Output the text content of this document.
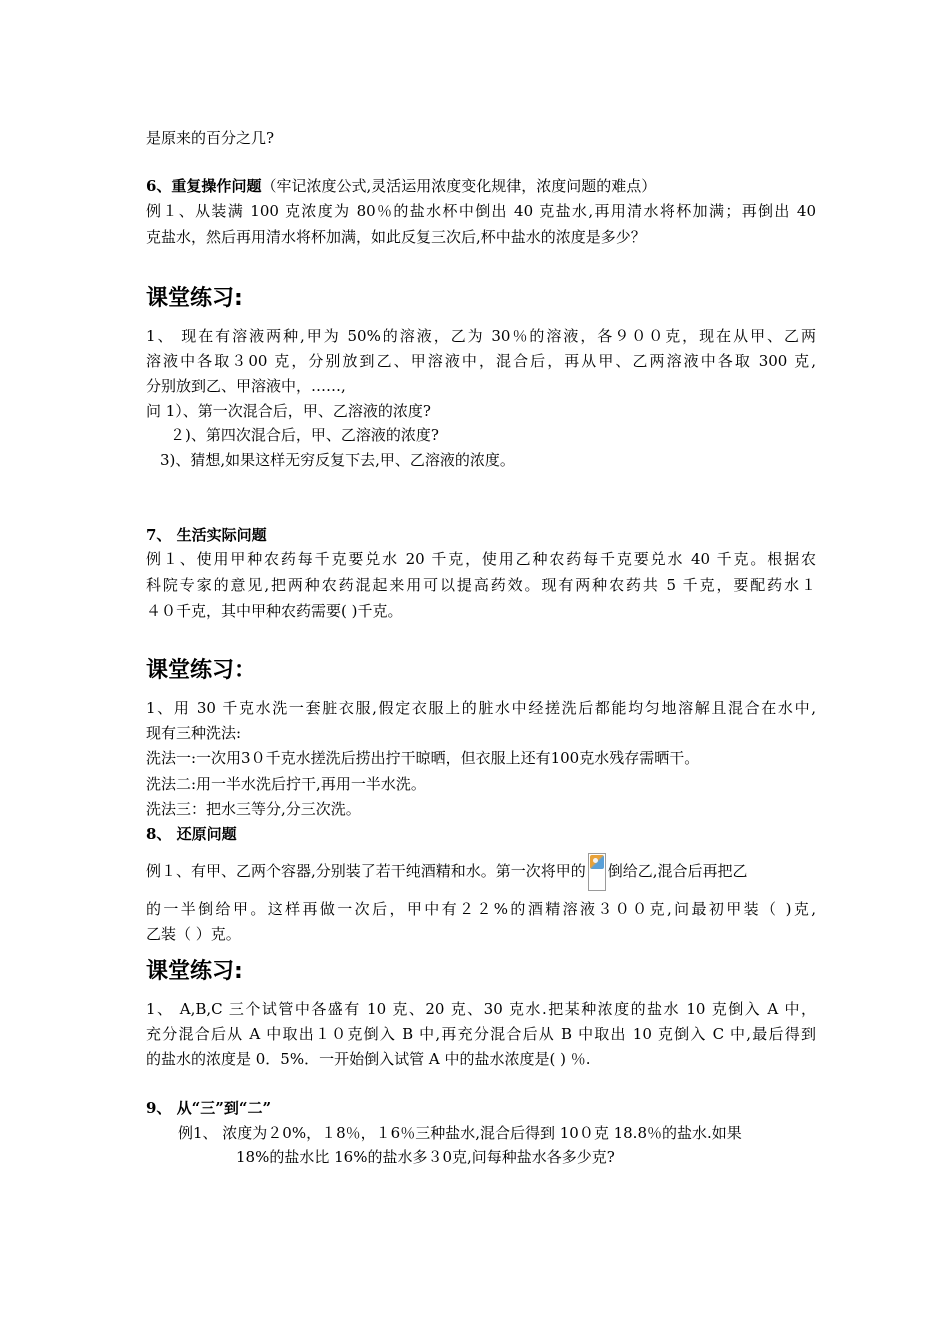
是原来的百分之几?
6、重复操作问题（牢记浓度公式,灵活运用浓度变化规律，浓度问题的难点）
例１、从装满 100 克浓度为 80％的盐水杯中倒出 40 克盐水,再用清水将杯加满；再倒出 40
克盐水，然后再用清水将杯加满，如此反复三次后,杯中盐水的浓度是多少？
课堂练习:
1、 现在有溶液两种,甲为 50%的溶液，乙为 30％的溶液，各９００克，现在从甲、乙两
溶液中各取３00 克，分别放到乙、甲溶液中，混合后，再从甲、乙两溶液中各取 300 克,
分别放到乙、甲溶液中，……,
问 1）、第一次混合后，甲、乙溶液的浓度?
２)、第四次混合后，甲、乙溶液的浓度?
3)、猜想,如果这样无穷反复下去,甲、乙溶液的浓度。
7、 生活实际问题
例１、使用甲种农药每千克要兑水 20 千克，使用乙种农药每千克要兑水 40 千克。根据农
科院专家的意见,把两种农药混起来用可以提高药效。现有两种农药共 5 千克，要配药水１
４０千克，其中甲种农药需要( )千克。
课堂练习：
1、用 30 千克水洗一套脏衣服,假定衣服上的脏水中经搓洗后都能均匀地溶解且混合在水中,
现有三种洗法:
洗法一:一次用3０千克水搓洗后捞出拧干晾晒，但衣服上还有100克水残存需晒干。
洗法二:用一半水洗后拧干,再用一半水洗。
洗法三：把水三等分,分三次洗。
8、 还原问题
例１、有甲、乙两个容器,分别装了若干纯酒精和水。第一次将甲的 倒给乙,混合后再把乙
的一半倒给甲。这样再做一次后，甲中有２２%的酒精溶液３００克,问最初甲装（ )克,
乙装（ ）克。
课堂练习:
1、 A,B,C 三个试管中各盛有 10 克、20 克、30 克水.把某种浓度的盐水 10 克倒入 A 中，
充分混合后从 A 中取出１０克倒入 B 中,再充分混合后从 B 中取出 10 克倒入 C 中,最后得到
的盐水的浓度是 0．5%．一开始倒入试管 A 中的盐水浓度是( ) ％.
9、 从“三”到“二”
例1、 浓度为２0%，１8％，１6％三种盐水,混合后得到 10０克 18.8％的盐水.如果
18%的盐水比 16%的盐水多３0克,问每种盐水各多少克?
